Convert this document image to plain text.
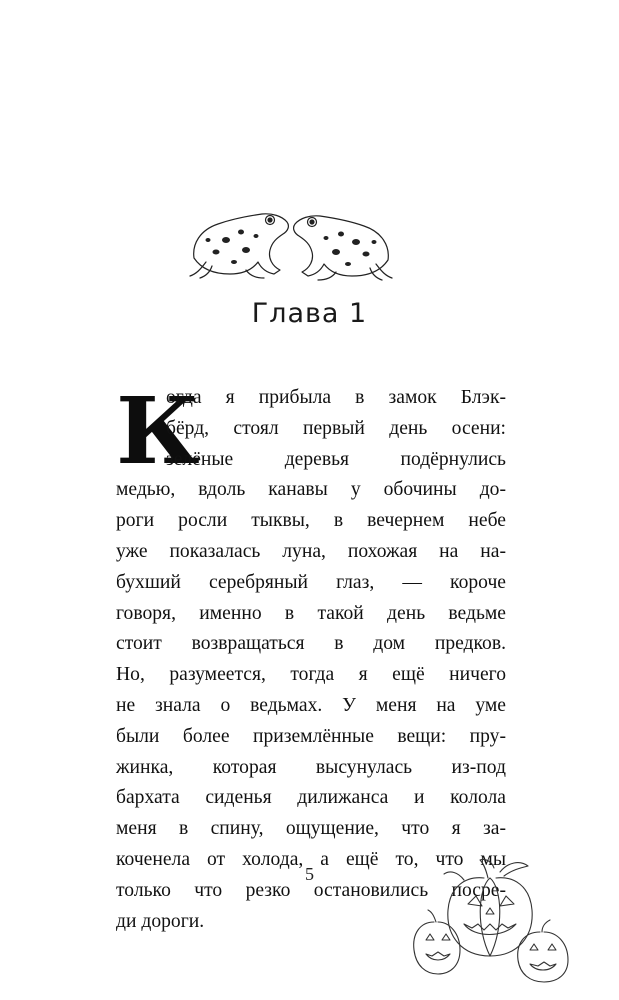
Глава 1
К
огда я прибыла в замок Блэк-
бёрд, стоял первый день осени:
зелёные деревья подёрнулись
медью, вдоль канавы у обочины до-
роги росли тыквы, в вечернем небе
уже показалась луна, похожая на на-
бухший серебряный глаз, — короче
говоря, именно в такой день ведьме
стоит возвращаться в дом предков.
Но, разумеется, тогда я ещё ничего
не знала о ведьмах. У меня на уме
были более приземлённые вещи: пру-
жинка, которая высунулась из-под
бархата сиденья дилижанса и колола
меня в спину, ощущение, что я за-
коченела от холода, а ещё то, что мы
только что резко остановились посре-
ди дороги.
5
